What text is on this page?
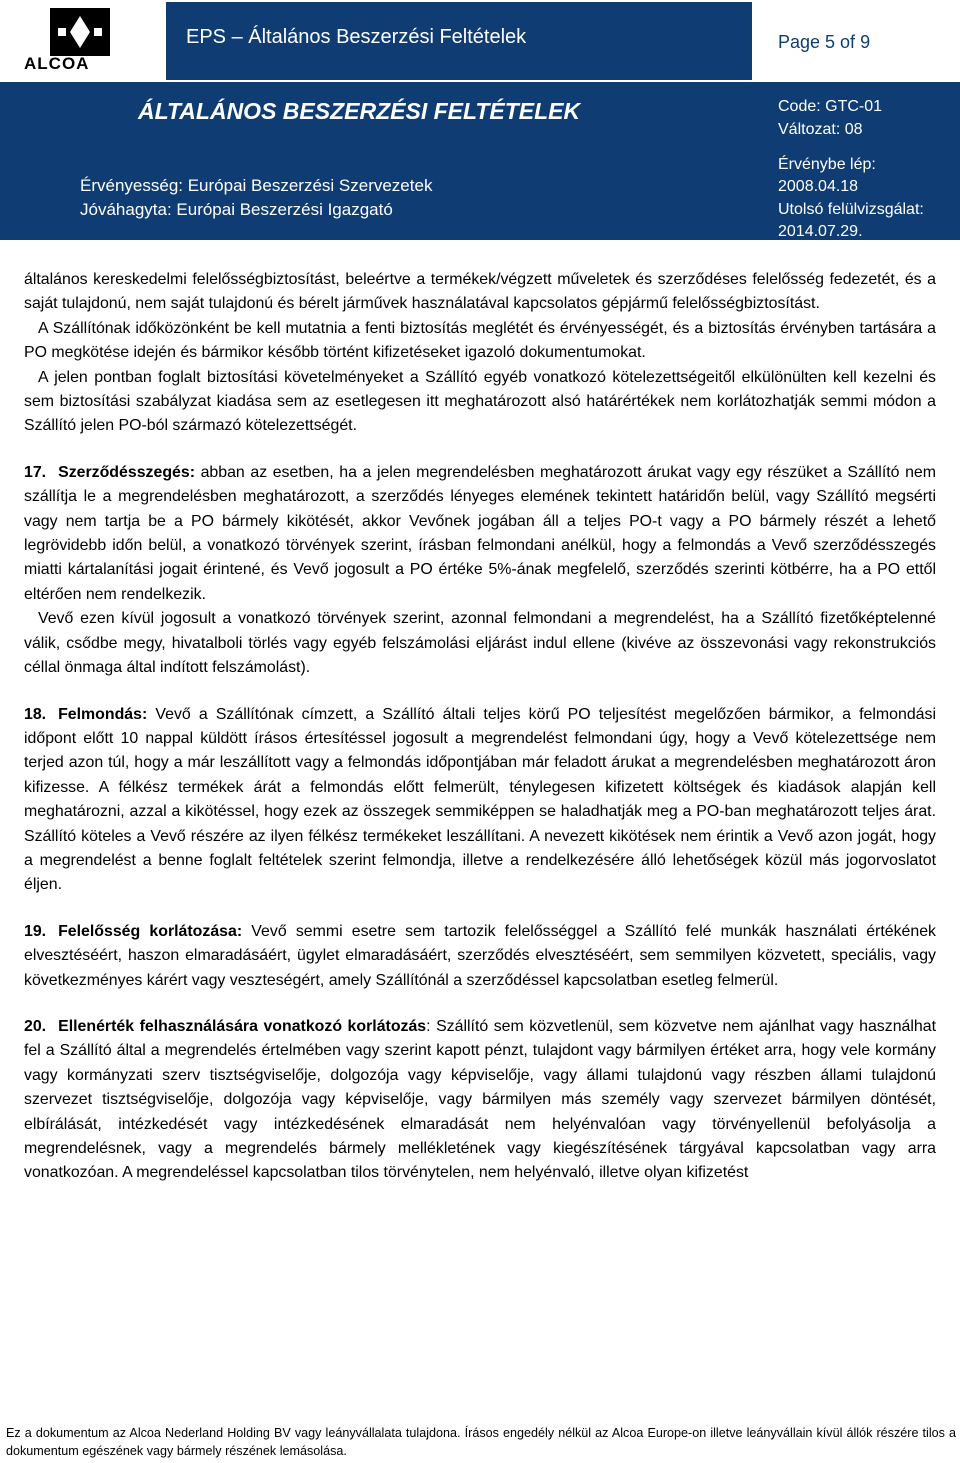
ALCOA
EPS – Általános Beszerzési Feltételek	Page 5 of 9
ÁLTALÁNOS BESZERZÉSI FELTÉTELEK	Code: GTC-01
Változat: 08
Érvénybe lép:
2008.04.18
Utolsó felülvizsgálat:
2014.07.29.
Érvényesség: Európai Beszerzési Szervezetek
Jóváhagyta: Európai Beszerzési Igazgató

általános kereskedelmi felelősségbiztosítást, beleértve a termékek/végzett műveletek és szerződéses felelősség fedezetét, és a saját tulajdonú, nem saját tulajdonú és bérelt járművek használatával kapcsolatos gépjármű felelősségbiztosítást.

A Szállítónak időközönként be kell mutatnia a fenti biztosítás meglétét és érvényességét, és a biztosítás érvényben tartására a PO megkötése idején és bármikor később történt kifizetéseket igazoló dokumentumokat.

A jelen pontban foglalt biztosítási követelményeket a Szállító egyéb vonatkozó kötelezettségeitől elkülönülten kell kezelni és sem biztosítási szabályzat kiadása sem az esetlegesen itt meghatározott alsó határértékek nem korlátozhatják semmi módon a Szállító jelen PO-ból származó kötelezettségét.

17. Szerződésszegés: abban az esetben, ha a jelen megrendelésben meghatározott árukat vagy egy részüket a Szállító nem szállítja le a megrendelésben meghatározott, a szerződés lényeges elemének tekintett határidőn belül, vagy Szállító megsérti vagy nem tartja be a PO bármely kikötését, akkor Vevőnek jogában áll a teljes PO-t vagy a PO bármely részét a lehető legrövidebb időn belül, a vonatkozó törvények szerint, írásban felmondani anélkül, hogy a felmondás a Vevő szerződésszegés miatti kártalanítási jogait érintené, és Vevő jogosult a PO értéke 5%-ának megfelelő, szerződés szerinti kötbérre, ha a PO ettől eltérően nem rendelkezik.

Vevő ezen kívül jogosult a vonatkozó törvények szerint, azonnal felmondani a megrendelést, ha a Szállító fizetőképtelenné válik, csődbe megy, hivatalboli törlés vagy egyéb felszámolási eljárást indul ellene (kivéve az összevonási vagy rekonstrukciós céllal önmaga által indított felszámolást).

18. Felmondás: Vevő a Szállítónak címzett, a Szállító általi teljes körű PO teljesítést megelőzően bármikor, a felmondási időpont előtt 10 nappal küldött írásos értesítéssel jogosult a megrendelést felmondani úgy, hogy a Vevő kötelezettsége nem terjed azon túl, hogy a már leszállított vagy a felmondás időpontjában már feladott árukat a megrendelésben meghatározott áron kifizesse. A félkész termékek árát a felmondás előtt felmerült, ténylegesen kifizetett költségek és kiadások alapján kell meghatározni, azzal a kikötéssel, hogy ezek az összegek semmiképpen se haladhatják meg a PO-ban meghatározott teljes árat. Szállító köteles a Vevő részére az ilyen félkész termékeket leszállítani. A nevezett kikötések nem érintik a Vevő azon jogát, hogy a megrendelést a benne foglalt feltételek szerint felmondja, illetve a rendelkezésére álló lehetőségek közül más jogorvoslatot éljen.

19. Felelősség korlátozása: Vevő semmi esetre sem tartozik felelősséggel a Szállító felé munkák használati értékének elvesztéséért, haszon elmaradásáért, ügylet elmaradásáért, szerződés elvesztéséért, sem semmilyen közvetett, speciális, vagy következményes kárért vagy veszteségért, amely Szállítónál a szerződéssel kapcsolatban esetleg felmerül.

20. Ellenérték felhasználására vonatkozó korlátozás: Szállító sem közvetlenül, sem közvetve nem ajánlhat vagy használhat fel a Szállító által a megrendelés értelmében vagy szerint kapott pénzt, tulajdont vagy bármilyen értéket arra, hogy vele kormány vagy kormányzati szerv tisztségviselője, dolgozója vagy képviselője, vagy állami tulajdonú vagy részben állami tulajdonú szervezet tisztségviselője, dolgozója vagy képviselője, vagy bármilyen más személy vagy szervezet bármilyen döntését, elbírálását, intézkedését vagy intézkedésének elmaradását nem helyénvalóan vagy törvényellenül befolyásolja a megrendelésnek, vagy a megrendelés bármely mellékletének vagy kiegészítésének tárgyával kapcsolatban vagy arra vonatkozóan. A megrendeléssel kapcsolatban tilos törvénytelen, nem helyénvaló, illetve olyan kifizetést

Ez a dokumentum az Alcoa Nederland Holding BV vagy leányvállalata tulajdona. Írásos engedély nélkül az Alcoa Europe-on illetve leányvállain kívül állók részére tilos a dokumentum egészének vagy bármely részének lemásolása.
